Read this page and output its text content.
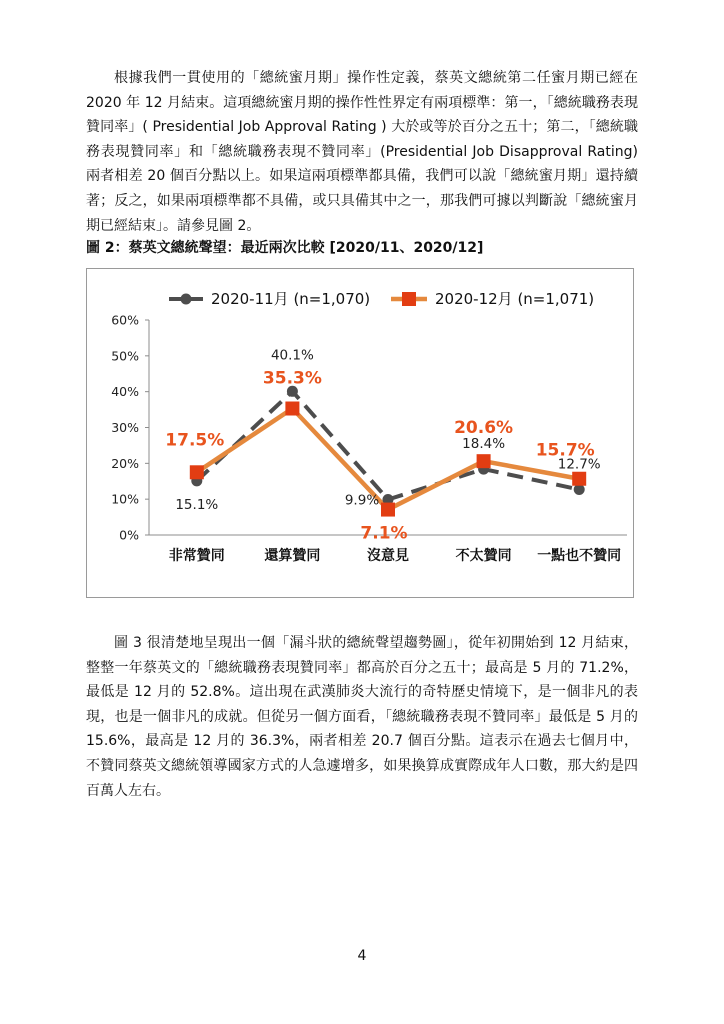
根據我們一貫使用的「總統蜜月期」操作性定義，蔡英文總統第二任蜜月期已經在 2020 年 12 月結束。這項總統蜜月期的操作性性界定有兩項標準：第一，「總統職務表現贊同率」( Presidential Job Approval Rating ) 大於或等於百分之五十；第二，「總統職務表現贊同率」和「總統職務表現不贊同率」(Presidential Job Disapproval Rating) 兩者相差 20 個百分點以上。如果這兩項標準都具備，我們可以說「總統蜜月期」還持續著；反之，如果兩項標準都不具備，或只具備其中之一，那我們可據以判斷說「總統蜜月期已經結束」。請參見圖 2。

圖 2：蔡英文總統聲望：最近兩次比較 [2020/11、2020/12]
0%
10%
20%
30%
40%
50%
60%
非常贊同	還算贊同	沒意見	不太贊同 一點也不贊同
15.1%
40.1%
9.9%
18.4%
12.7%
17.5%
35.3%
7.1%
20.6%
15.7%
2020-11月 (n=1,070)	2020-12月 (n=1,071)

圖 3 很清楚地呈現出一個「漏斗狀的總統聲望趨勢圖」，從年初開始到 12 月結束，整整一年蔡英文的「總統職務表現贊同率」都高於百分之五十；最高是 5 月的 71.2%，最低是 12 月的 52.8%。這出現在武漢肺炎大流行的奇特歷史情境下，是一個非凡的表現，也是一個非凡的成就。但從另一個方面看，「總統職務表現不贊同率」最低是 5 月的 15.6%，最高是 12 月的 36.3%，兩者相差 20.7 個百分點。這表示在過去七個月中，不贊同蔡英文總統領導國家方式的人急遽增多，如果換算成實際成年人口數，那大約是四百萬人左右。

4
